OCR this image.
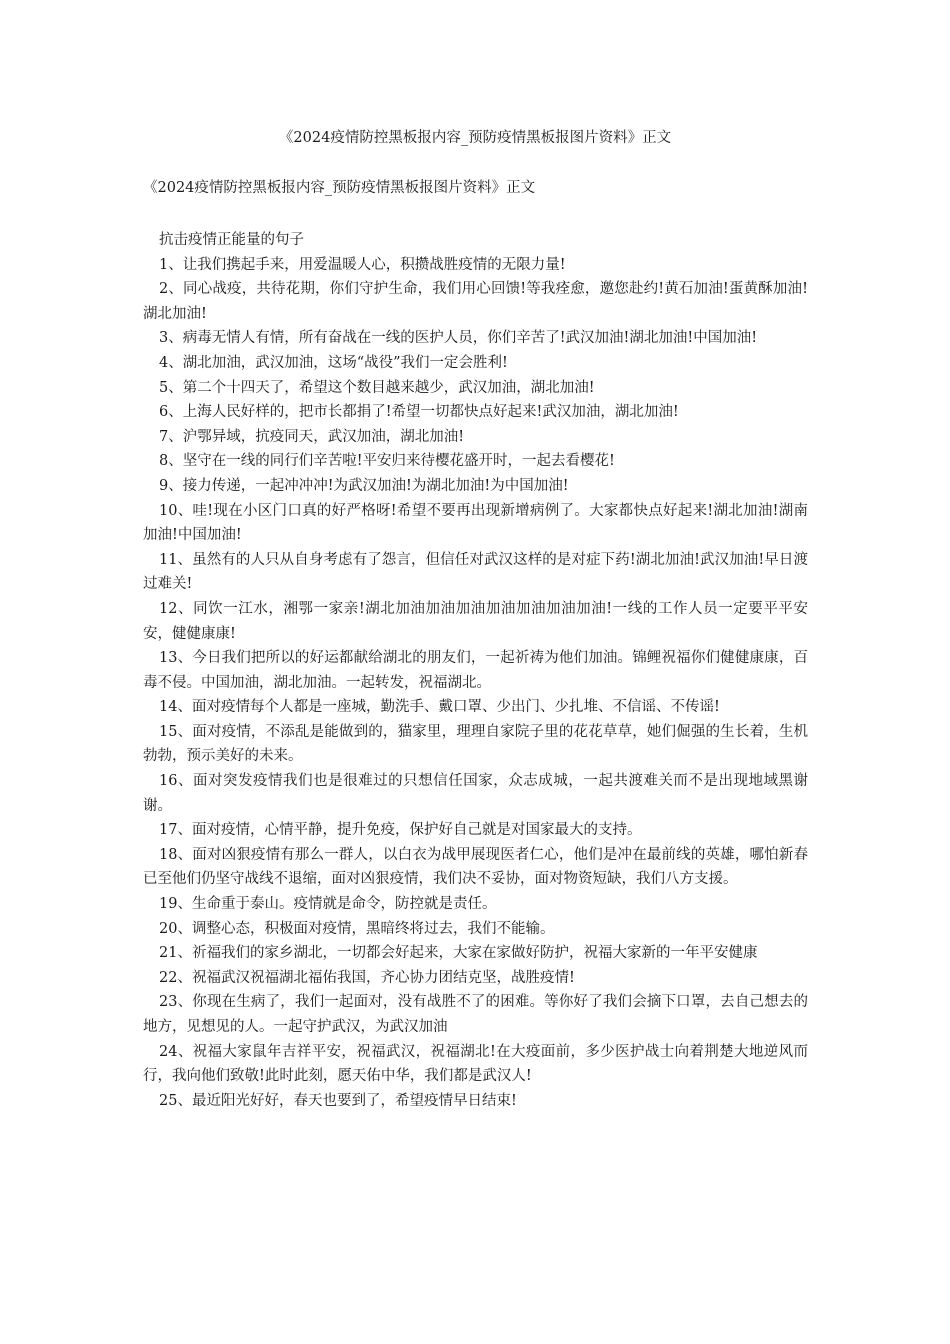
《2024疫情防控黑板报内容_预防疫情黑板报图片资料》正文
《2024疫情防控黑板报内容_预防疫情黑板报图片资料》正文

抗击疫情正能量的句子

1、让我们携起手来，用爱温暖人心，积攒战胜疫情的无限力量!

2、同心战疫，共待花期，你们守护生命，我们用心回馈!等我痊愈，邀您赴约!黄石加油!蛋黄酥加油!湖北加油!

3、病毒无情人有情，所有奋战在一线的医护人员，你们辛苦了!武汉加油!湖北加油!中国加油!

4、湖北加油，武汉加油，这场“战役”我们一定会胜利!

5、第二个十四天了，希望这个数目越来越少，武汉加油，湖北加油!

6、上海人民好样的，把市长都捐了!希望一切都快点好起来!武汉加油，湖北加油!

7、沪鄂异域，抗疫同天，武汉加油，湖北加油!

8、坚守在一线的同行们辛苦啦!平安归来待樱花盛开时，一起去看樱花!

9、接力传递，一起冲冲冲!为武汉加油!为湖北加油!为中国加油!

10、哇!现在小区门口真的好严格呀!希望不要再出现新增病例了。大家都快点好起来!湖北加油!湖南加油!中国加油!

11、虽然有的人只从自身考虑有了怨言，但信任对武汉这样的是对症下药!湖北加油!武汉加油!早日渡过难关!

12、同饮一江水，湘鄂一家亲!湖北加油加油加油加油加油加油加油!一线的工作人员一定要平平安安，健健康康!

13、今日我们把所以的好运都献给湖北的朋友们，一起祈祷为他们加油。锦鲤祝福你们健健康康，百毒不侵。中国加油，湖北加油。一起转发，祝福湖北。

14、面对疫情每个人都是一座城，勤洗手、戴口罩、少出门、少扎堆、不信谣、不传谣!

15、面对疫情，不添乱是能做到的，猫家里，理理自家院子里的花花草草，她们倔强的生长着，生机勃勃，预示美好的未来。

16、面对突发疫情我们也是很难过的只想信任国家，众志成城，一起共渡难关而不是出现地域黑谢谢。

17、面对疫情，心情平静，提升免疫，保护好自己就是对国家最大的支持。

18、面对凶狠疫情有那么一群人，以白衣为战甲展现医者仁心，他们是冲在最前线的英雄，哪怕新春已至他们仍坚守战线不退缩，面对凶狠疫情，我们决不妥协，面对物资短缺，我们八方支援。

19、生命重于泰山。疫情就是命令，防控就是责任。

20、调整心态，积极面对疫情，黑暗终将过去，我们不能输。

21、祈福我们的家乡湖北，一切都会好起来，大家在家做好防护，祝福大家新的一年平安健康

22、祝福武汉祝福湖北福佑我国，齐心协力团结克坚，战胜疫情!

23、你现在生病了，我们一起面对，没有战胜不了的困难。等你好了我们会摘下口罩，去自己想去的地方，见想见的人。一起守护武汉，为武汉加油

24、祝福大家鼠年吉祥平安，祝福武汉，祝福湖北!在大疫面前，多少医护战士向着荆楚大地逆风而行，我向他们致敬!此时此刻，愿天佑中华，我们都是武汉人!

25、最近阳光好好，春天也要到了，希望疫情早日结束!
